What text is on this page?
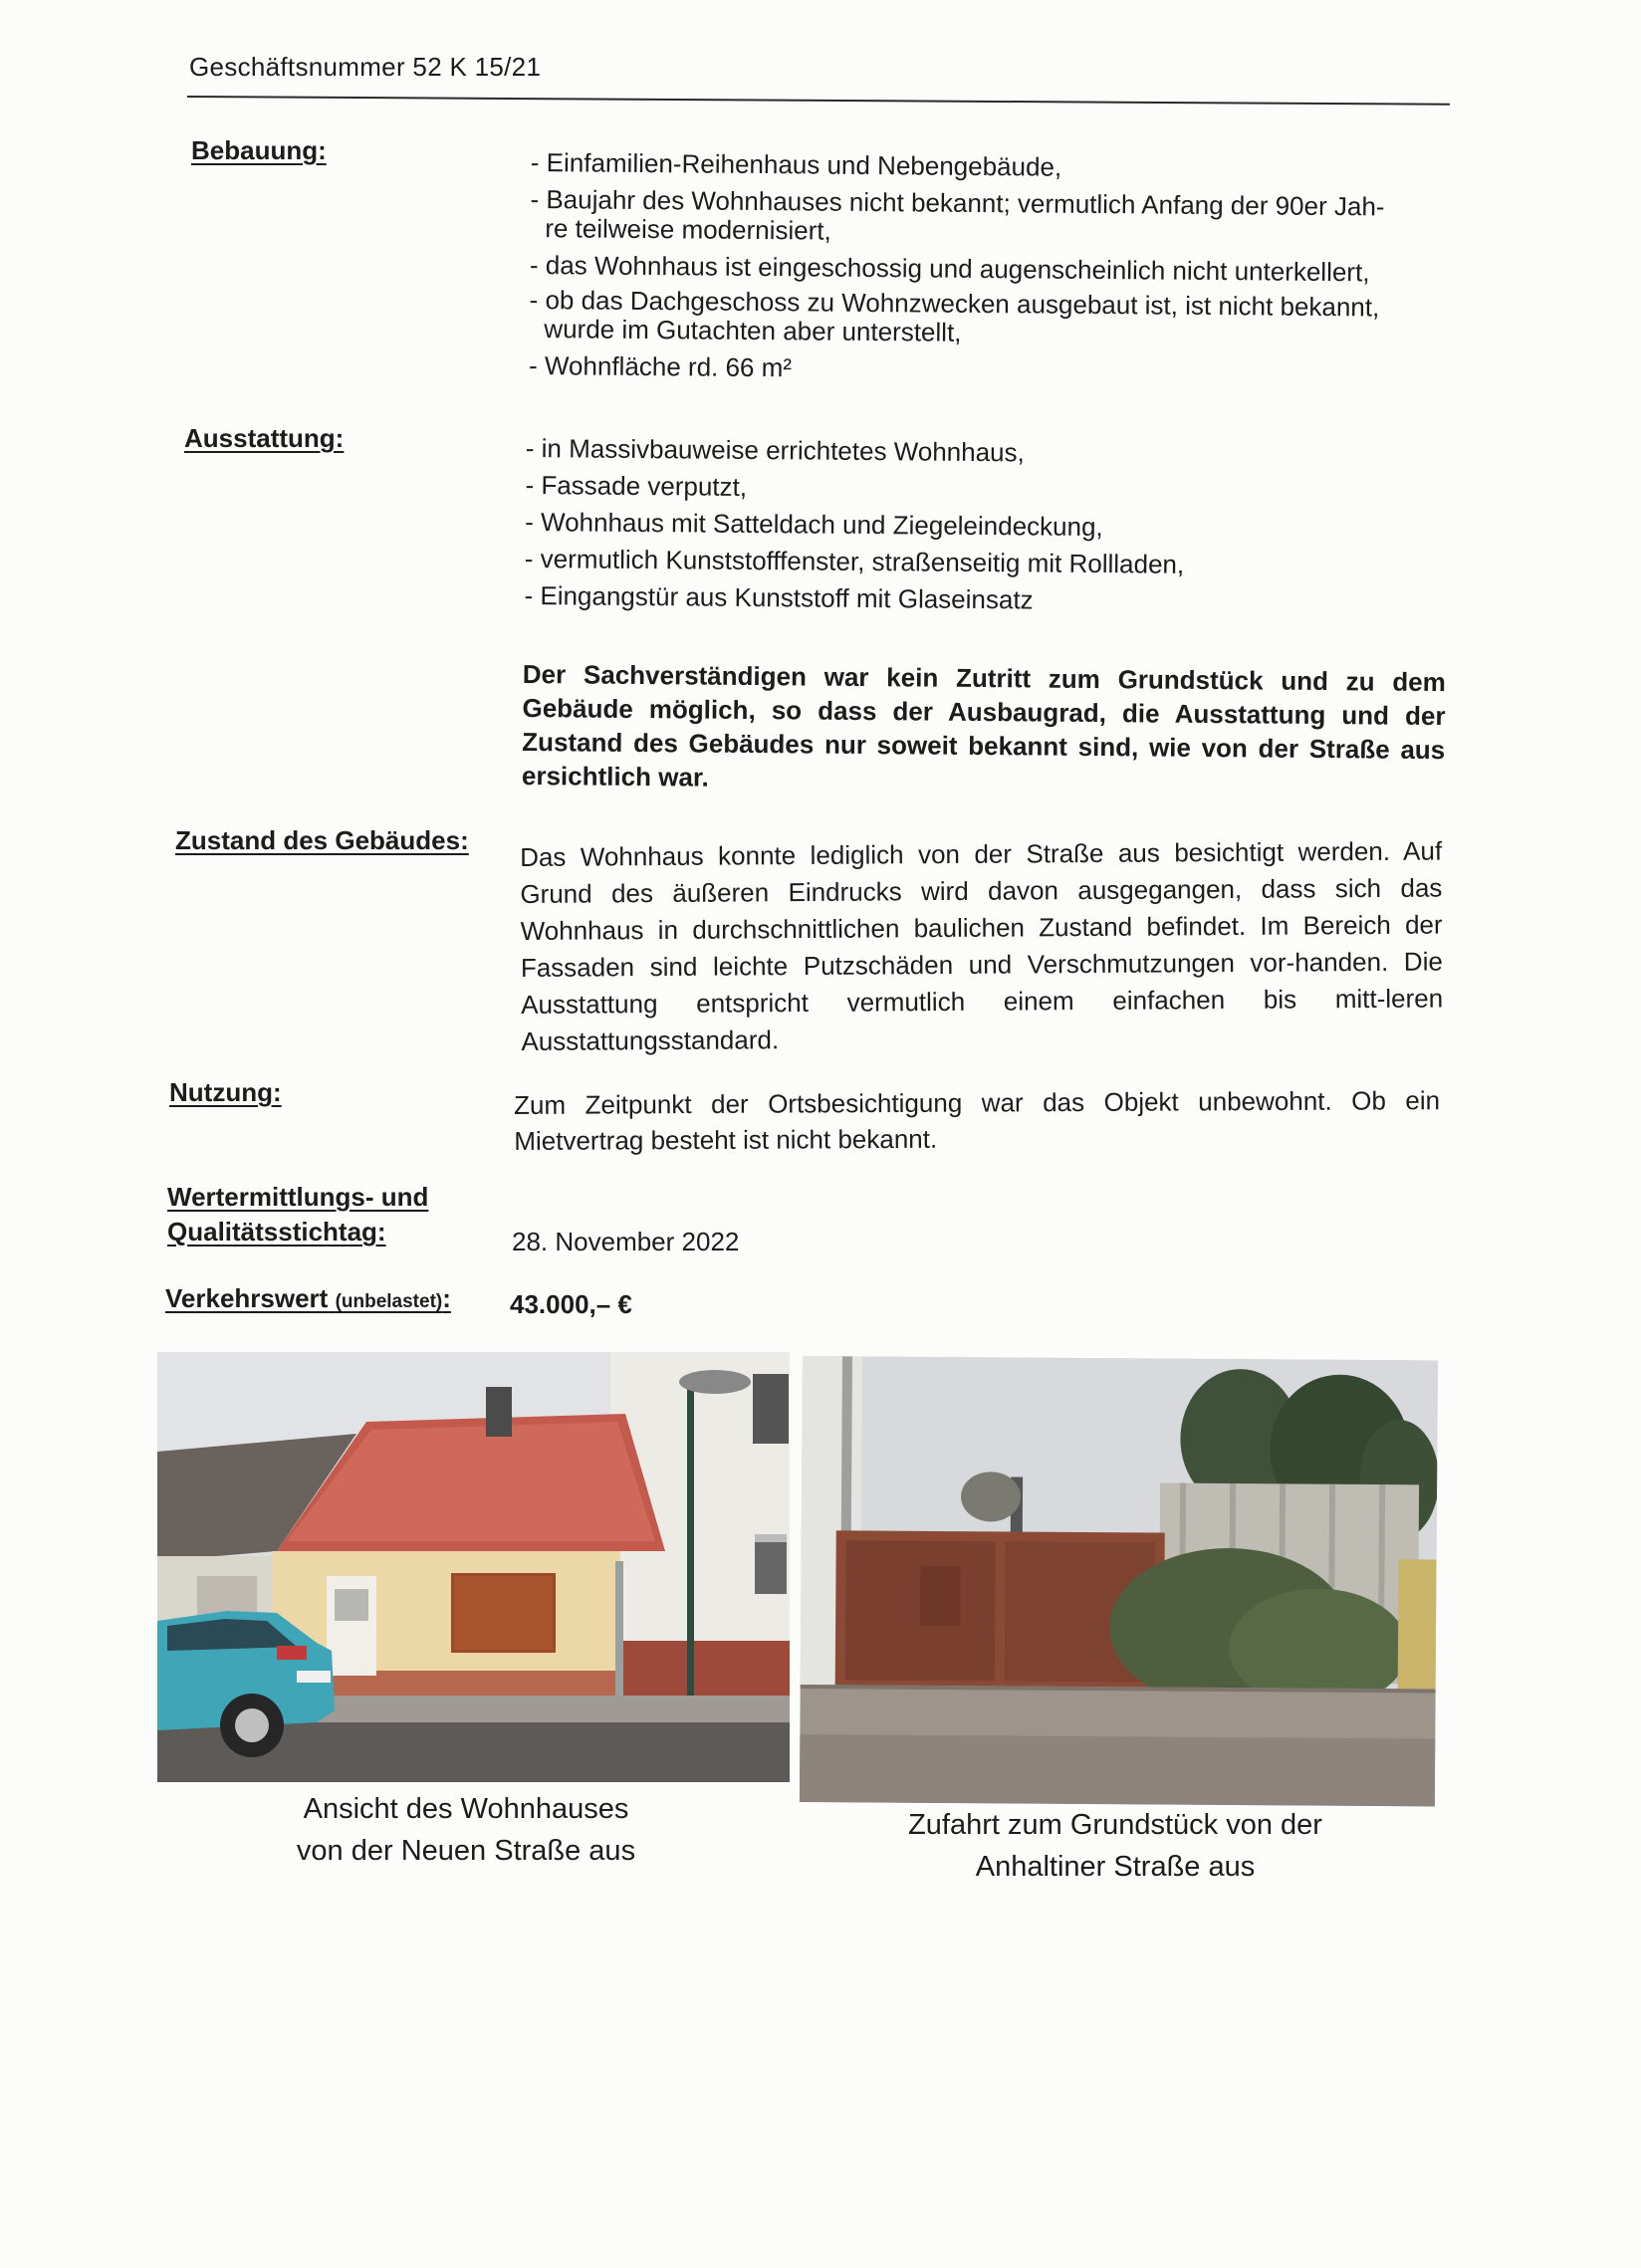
Geschäftsnummer 52 K 15/21
Bebauung:	- Einfamilien-Reihenhaus und Nebengebäude,

- Baujahr des Wohnhauses nicht bekannt; vermutlich Anfang der 90er Jah-

re teilweise modernisiert,

- das Wohnhaus ist eingeschossig und augenscheinlich nicht unterkellert,

- ob das Dachgeschoss zu Wohnzwecken ausgebaut ist, ist nicht bekannt,

wurde im Gutachten aber unterstellt,

- Wohnfläche rd. 66 m²

Ausstattung:	- in Massivbauweise errichtetes Wohnhaus,

- Fassade verputzt,

- Wohnhaus mit Satteldach und Ziegeleindeckung,

- vermutlich Kunststofffenster, straßenseitig mit Rollladen,

- Eingangstür aus Kunststoff mit Glaseinsatz

Der Sachverständigen war kein Zutritt zum Grundstück und zu dem Gebäude möglich, so dass der Ausbaugrad, die Ausstattung und der Zustand des Gebäudes nur soweit bekannt sind, wie von der Straße aus ersichtlich war.
Zustand des Gebäudes: Das Wohnhaus konnte lediglich von der Straße aus besichtigt werden. Auf Grund des äußeren Eindrucks wird davon ausgegangen, dass sich das Wohnhaus in durchschnittlichen baulichen Zustand befindet. Im Bereich der Fassaden sind leichte Putzschäden und Verschmutzungen vor-handen. Die Ausstattung entspricht vermutlich einem einfachen bis mitt-leren Ausstattungsstandard.
Nutzung:	Zum Zeitpunkt der Ortsbesichtigung war das Objekt unbewohnt. Ob ein Mietvertrag besteht ist nicht bekannt.
Wertermittlungs- und
Qualitätsstichtag:	28. November 2022
Verkehrswert (unbelastet): 43.000,– €
Ansicht des Wohnhauses
von der Neuen Straße aus
Zufahrt zum Grundstück von der
Anhaltiner Straße aus
